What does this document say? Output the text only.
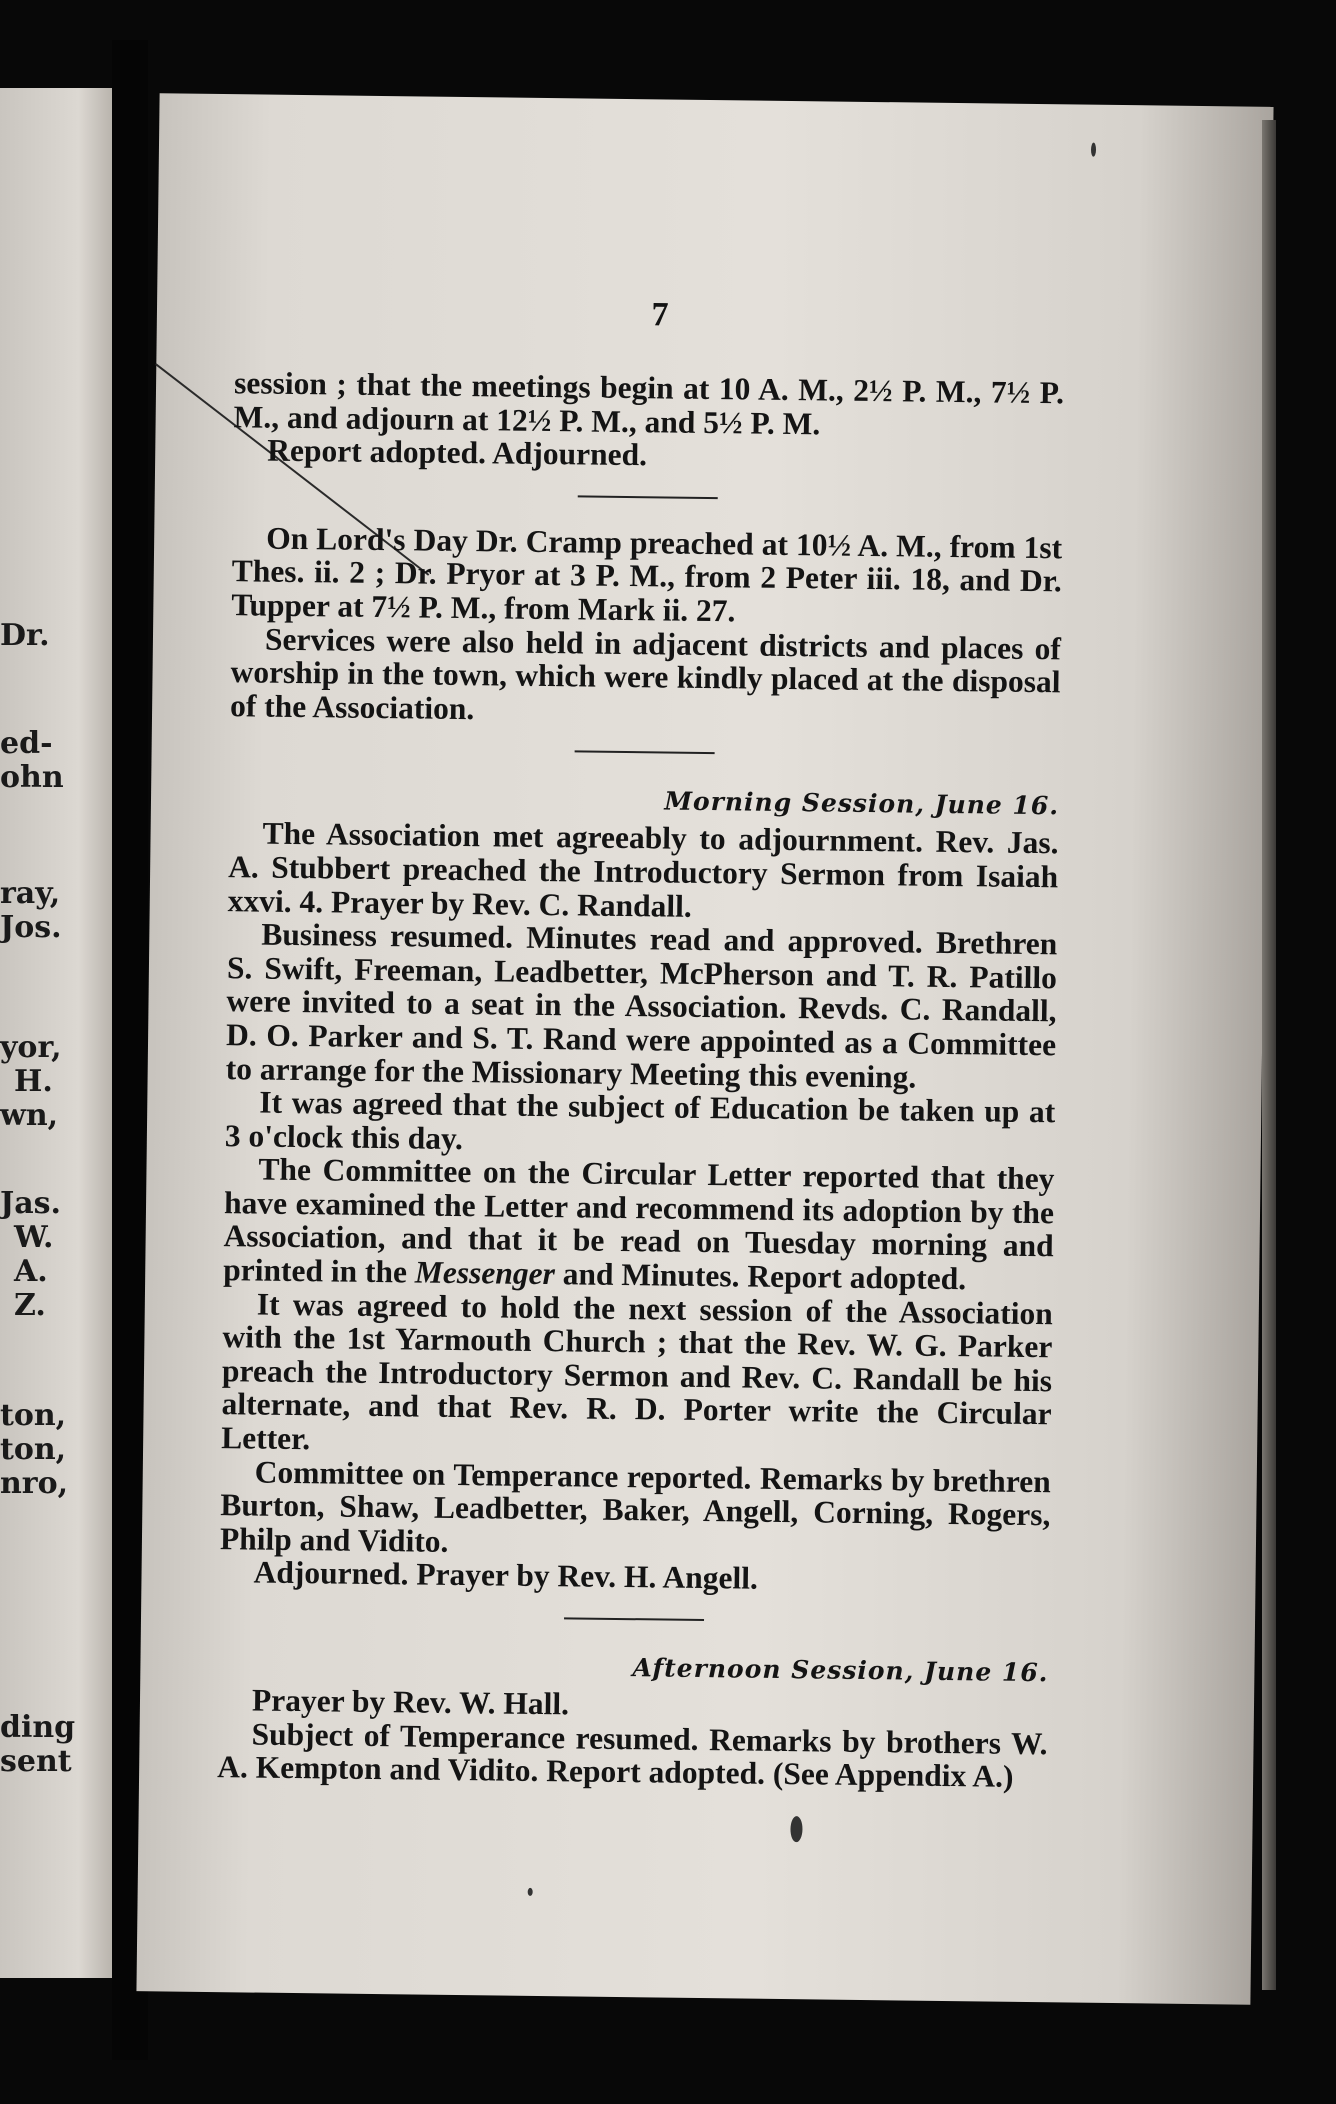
Dr.
ed-
ohn
ray,
Jos.
yor,
H.
wn,
Jas.
W.
A.
Z.
ton,
ton,
nro,
ding
sent
7

session ; that the meetings begin at 10 A. M., 2½ P. M., 7½ P. M., and adjourn at 12½ P. M., and 5½ P. M.

Report adopted. Adjourned.

On Lord's Day Dr. Cramp preached at 10½ A. M., from 1st Thes. ii. 2 ; Dr. Pryor at 3 P. M., from 2 Peter iii. 18, and Dr. Tupper at 7½ P. M., from Mark ii. 27.

Services were also held in adjacent districts and places of worship in the town, which were kindly placed at the disposal of the Association.

Morning Session, June 16.

The Association met agreeably to adjournment. Rev. Jas. A. Stubbert preached the Introductory Sermon from Isaiah xxvi. 4. Prayer by Rev. C. Randall.

Business resumed. Minutes read and approved. Brethren S. Swift, Freeman, Leadbetter, McPherson and T. R. Patillo were invited to a seat in the Association. Revds. C. Randall, D. O. Parker and S. T. Rand were appointed as a Committee to arrange for the Missionary Meeting this evening.

It was agreed that the subject of Education be taken up at 3 o'clock this day.

The Committee on the Circular Letter reported that they have examined the Letter and recommend its adoption by the Association, and that it be read on Tuesday morning and printed in the Messenger and Minutes. Report adopted.

It was agreed to hold the next session of the Association with the 1st Yarmouth Church ; that the Rev. W. G. Parker preach the Introductory Sermon and Rev. C. Randall be his alternate, and that Rev. R. D. Porter write the Circular Letter.

Committee on Temperance reported. Remarks by brethren Burton, Shaw, Leadbetter, Baker, Angell, Corning, Rogers, Philp and Vidito.

Adjourned. Prayer by Rev. H. Angell.

Afternoon Session, June 16.

Prayer by Rev. W. Hall.

Subject of Temperance resumed. Remarks by brothers W. A. Kempton and Vidito. Report adopted. (See Appendix A.)
